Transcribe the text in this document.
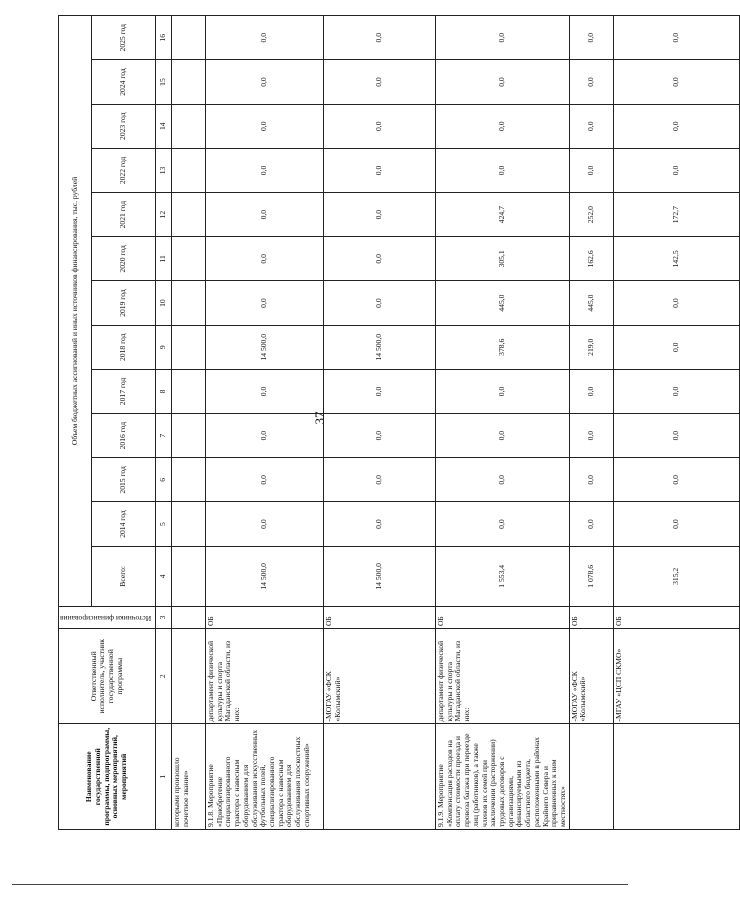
37
Наименование государственной программы, подпрограммы, основных мероприятий, мероприятий	Ответственный исполнитель, участник государственной программы	Источники финансирования	Объем бюджетных ассигнований и иных источников финансирования, тыс. рублей												
			Всего:	2014 год	2015 год	2016 год	2017 год	2018 год	2019 год	2020 год	2021 год	2022 год	2023 год	2024 год	2025 год

1	2	3	4	5	6	7	8	9	10	11	12	13	14	15	16
которыми произошло почетное звание»															
9.1.8. Мероприятие «Приобретение специализированного трактора с навесным оборудованием для обслуживания искусственных футбольных полей, специализированного трактора с навесным оборудованием для обслуживания плоскостных спортивных сооружений»	департамент физической культуры и спорта Магаданской области, из них:	ОБ	14 500,0	0,0	0,0	0,0	0,0	14 500,0	0,0	0,0	0,0	0,0	0,0	0,0	0,0
	-МОГАУ «ФСК «Колымский»	ОБ	14 500,0	0,0	0,0	0,0	0,0	14 500,0	0,0	0,0	0,0	0,0	0,0	0,0	0,0
9.1.9. Мероприятие «Компенсация расходов на оплату стоимости проезда и провоза багажа при переезде лиц (работников), а также членов их семей при заключении (расторжении) трудовых договоров с организациями, финансируемыми из областного бюджета, расположенными в районах Крайнего Севера и приравненных к ним местностях»	департамент физической культуры и спорта Магаданской области, из них:	ОБ	1 553,4	0,0	0,0	0,0	0,0	378,6	445,0	305,1	424,7	0,0	0,0	0,0	0,0
	-МОГАУ «ФСК «Колымский»	ОБ	1 078,6	0,0	0,0	0,0	0,0	219,0	445,0	162,6	252,0	0,0	0,0	0,0	0,0
	-МГАУ «ЦСП СКМО»	ОБ	315,2	0,0	0,0	0,0	0,0	0,0	0,0	142,5	172,7	0,0	0,0	0,0	0,0
